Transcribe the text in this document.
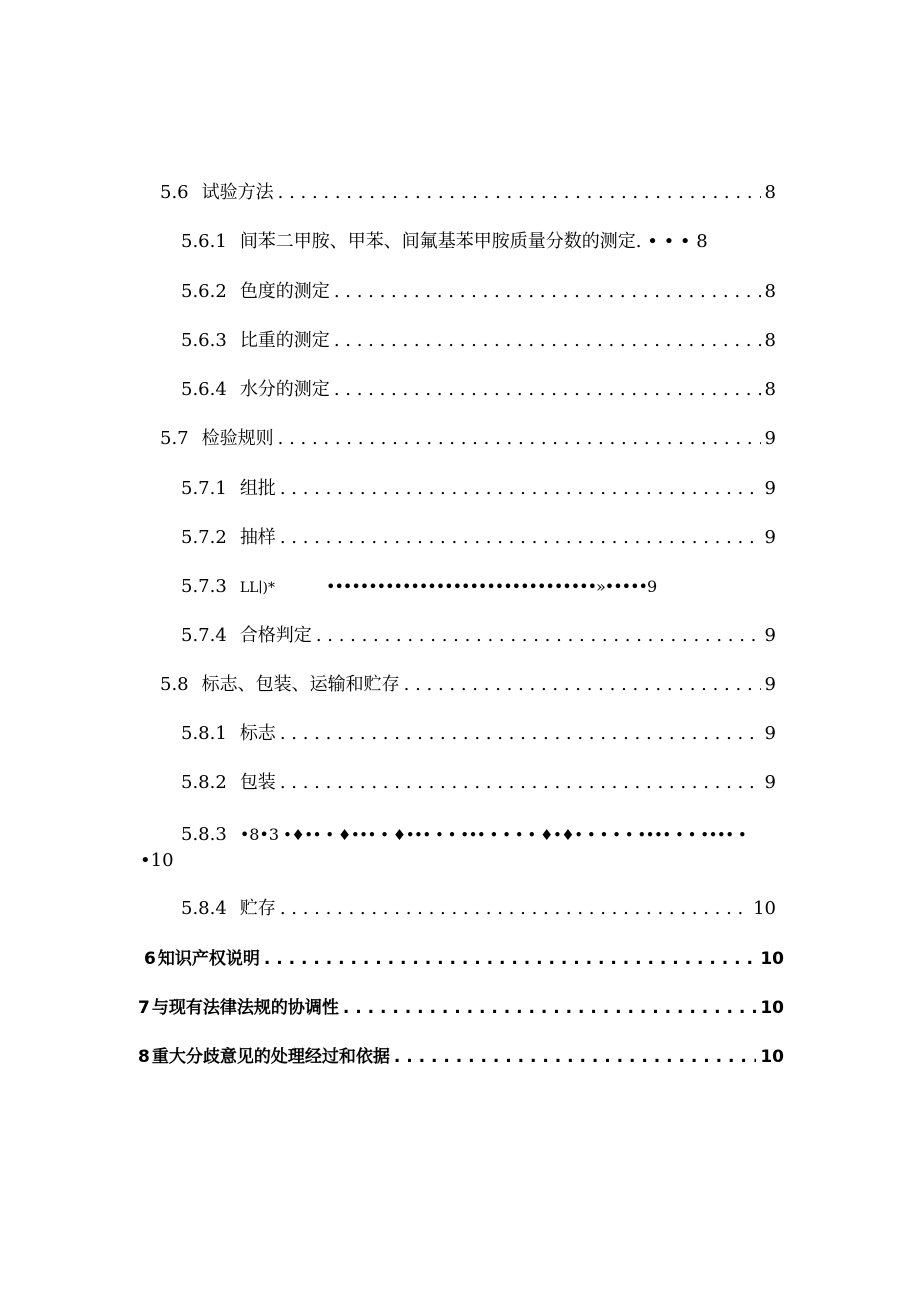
5.6 试验方法 . . .	8
5.6.1 间苯二甲胺、甲苯、间氟基苯甲胺质量分数的测定. • • • 8
5.6.2 色度的测定 . . .	8
5.6.3 比重的测定 . . .	8
5.6.4 水分的测定 . . .	8
5.7 检验规则 . . .	9
5.7.1 组批 . . .	9
5.7.2 抽样 . . .	9
5.7.3 LL∣)*	••••••••••••••••••••••••••••••••»•••••9
5.7.4 合格判定 . . .	9
5.8 标志、包装、运输和贮存 . . .	9
5.8.1 标志 . . .	9
5.8.2 包装 . . .	9
5.8.3 •8•3 •♦•• • ♦••• • ♦••• • • ••• • • • • ♦•♦• • • • • •••• • • •••• •
•10
5.8.4 贮存 . . .	10
6 知识产权说明 . . .	10
7 与现有法律法规的协调性 . . .	10
8 重大分歧意见的处理经过和依据 . . .	10
